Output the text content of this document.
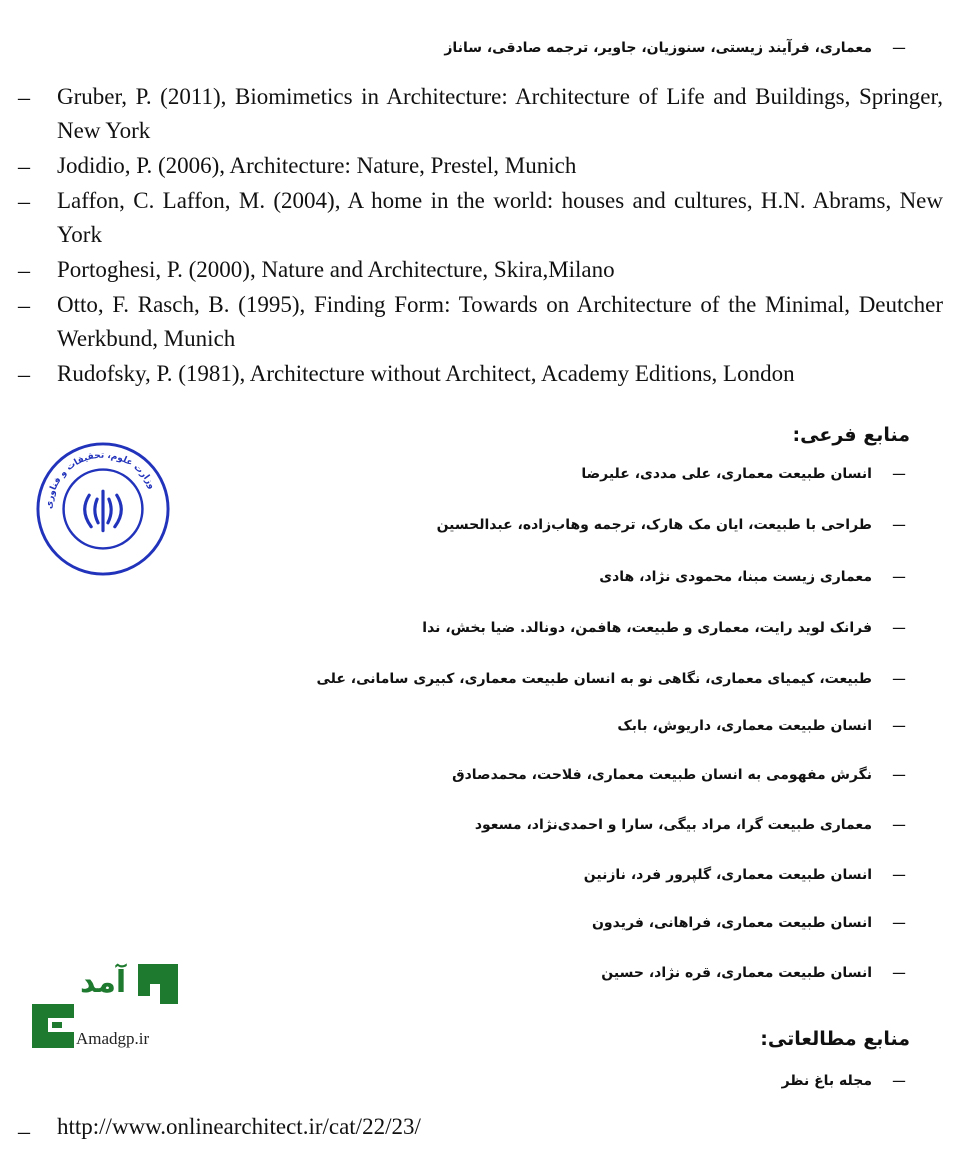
–
معماری، فرآیند زیستی، سنوزیان، جاویر، ترجمه صادقی، ساناز
– Gruber, P. (2011), Biomimetics in Architecture: Architecture of Life and Buildings, Springer, New York
– Jodidio, P. (2006), Architecture: Nature, Prestel, Munich
– Laffon, C. Laffon, M. (2004), A home in the world: houses and cultures, H.N. Abrams, New York
– Portoghesi, P. (2000), Nature and Architecture, Skira,Milano
– Otto, F. Rasch, B. (1995), Finding Form: Towards on Architecture of the Minimal, Deutcher Werkbund, Munich
– Rudofsky, P. (1981), Architecture without Architect, Academy Editions, London
منابع فرعی:
–
انسان طبیعت معماری، علی مددی، علیرضا
–
طراحی با طبیعت، ایان مک هارک، ترجمه وهاب‌زاده، عبدالحسین
–
معماری زیست مبنا، محمودی نژاد، هادی
–
فرانک لوید رایت، معماری و طبیعت، هافمن، دونالد. ضیا بخش، ندا
–
طبیعت، کیمیای معماری، نگاهی نو به انسان طبیعت معماری، کبیری سامانی، علی
–
انسان طبیعت معماری، داریوش، بابک
–
نگرش مفهومی به انسان طبیعت معماری، فلاحت، محمدصادق
–
معماری طبیعت گرا، مراد بیگی، سارا و احمدی‌نژاد، مسعود
–
انسان طبیعت معماری، گلپرور فرد، نازنین
–
انسان طبیعت معماری، فراهانی، فریدون
–
انسان طبیعت معماری، قره نژاد، حسین
منابع مطالعاتی:
–
مجله باغ نظر
– http://www.onlinearchitect.ir/cat/22/23/
وزارت علوم، تحقیقات و فناوری
آمد
Amadgp.ir
